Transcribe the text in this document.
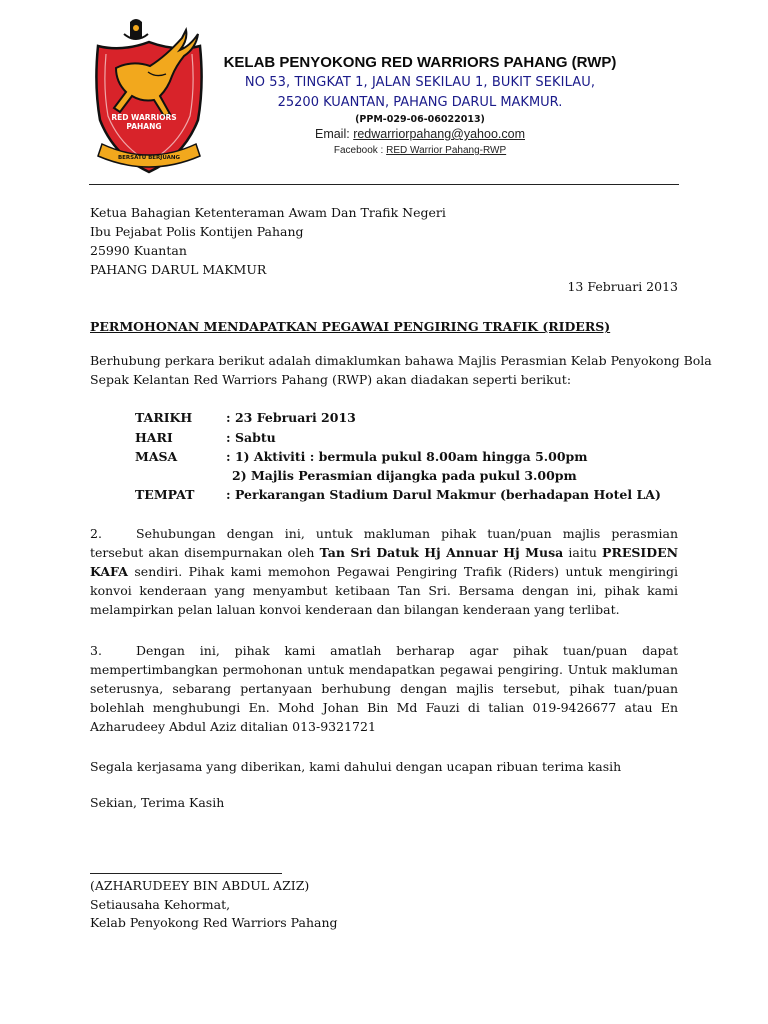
RED WARRIORS
PAHANG
BERSATU BERJUANG
KELAB PENYOKONG RED WARRIORS PAHANG (RWP)
NO 53, TINGKAT 1, JALAN SEKILAU 1, BUKIT SEKILAU,
25200 KUANTAN, PAHANG DARUL MAKMUR.
(PPM-029-06-06022013)
Email: redwarriorpahang@yahoo.com
Facebook : RED Warrior Pahang-RWP
Ketua Bahagian Ketenteraman Awam Dan Trafik Negeri
Ibu Pejabat Polis Kontijen Pahang
25990 Kuantan
PAHANG DARUL MAKMUR
13 Februari 2013
PERMOHONAN MENDAPATKAN PEGAWAI PENGIRING TRAFIK (RIDERS)
Berhubung perkara berikut adalah dimaklumkan bahawa Majlis Perasmian Kelab Penyokong Bola
Sepak Kelantan Red Warriors Pahang (RWP) akan diadakan seperti berikut:
TARIKH	: 23 Februari 2013
HARI	: Sabtu
MASA	: 1) Aktiviti : bermula pukul 8.00am hingga 5.00pm
2) Majlis Perasmian dijangka pada pukul 3.00pm
TEMPAT	: Perkarangan Stadium Darul Makmur (berhadapan Hotel LA)
2.	Sehubungan dengan ini, untuk makluman pihak tuan/puan majlis perasmian tersebut akan disempurnakan oleh Tan Sri Datuk Hj Annuar Hj Musa iaitu PRESIDEN KAFA sendiri. Pihak kami memohon Pegawai Pengiring Trafik (Riders) untuk mengiringi konvoi kenderaan yang menyambut ketibaan Tan Sri. Bersama dengan ini, pihak kami melampirkan pelan laluan konvoi kenderaan dan bilangan kenderaan yang terlibat.
3.	Dengan ini, pihak kami amatlah berharap agar pihak tuan/puan dapat mempertimbangkan permohonan untuk mendapatkan pegawai pengiring. Untuk makluman seterusnya, sebarang pertanyaan berhubung dengan majlis tersebut, pihak tuan/puan bolehlah menghubungi En. Mohd Johan Bin Md Fauzi di talian 019-9426677 atau En Azharudeey Abdul Aziz ditalian 013-9321721
Segala kerjasama yang diberikan, kami dahului dengan ucapan ribuan terima kasih
Sekian, Terima Kasih
(AZHARUDEEY BIN ABDUL AZIZ)
Setiausaha Kehormat,
Kelab Penyokong Red Warriors Pahang
